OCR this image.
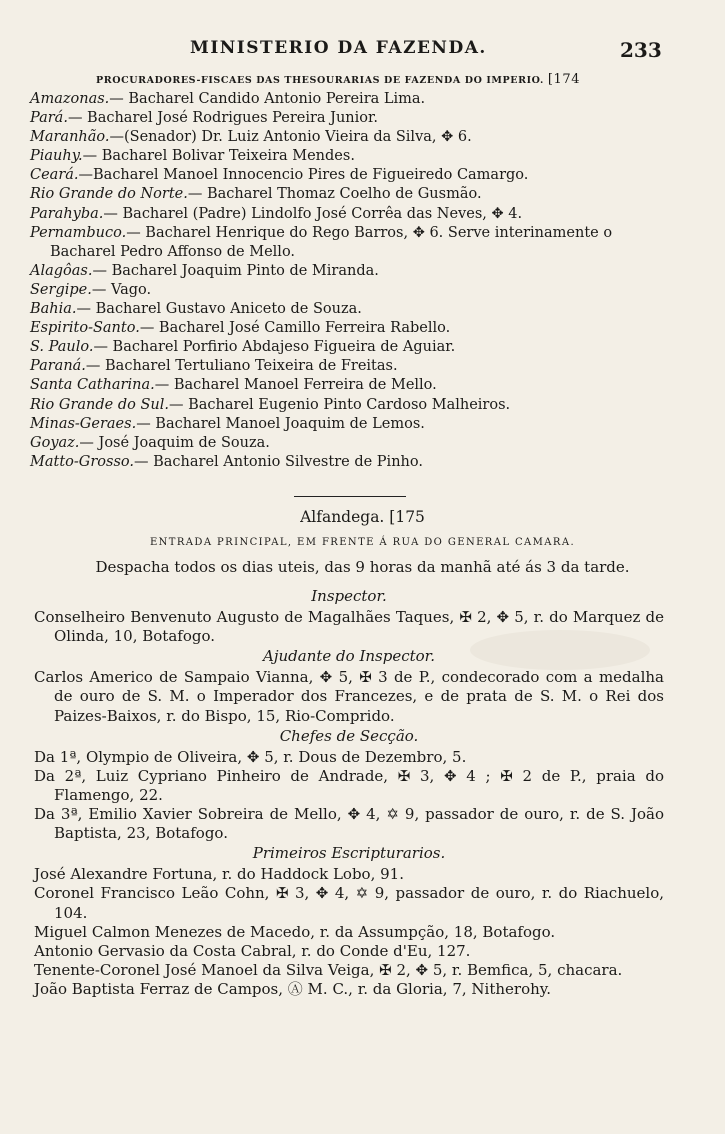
MINISTERIO DA FAZENDA.	233
PROCURADORES-FISCAES DAS THESOURARIAS DE FAZENDA DO IMPERIO. [174
Amazonas.— Bacharel Candido Antonio Pereira Lima.
Pará.— Bacharel José Rodrigues Pereira Junior.
Maranhão.—(Senador) Dr. Luiz Antonio Vieira da Silva, ✥ 6.
Piauhy.— Bacharel Bolivar Teixeira Mendes.
Ceará.—Bacharel Manoel Innocencio Pires de Figueiredo Camargo.
Rio Grande do Norte.— Bacharel Thomaz Coelho de Gusmão.
Parahyba.— Bacharel (Padre) Lindolfo José Corrêa das Neves, ✥ 4.
Pernambuco.— Bacharel Henrique do Rego Barros, ✥ 6. Serve interinamente o Bacharel Pedro Affonso de Mello.
Alagôas.— Bacharel Joaquim Pinto de Miranda.
Sergipe.— Vago.
Bahia.— Bacharel Gustavo Aniceto de Souza.
Espirito-Santo.— Bacharel José Camillo Ferreira Rabello.
S. Paulo.— Bacharel Porfirio Abdajeso Figueira de Aguiar.
Paraná.— Bacharel Tertuliano Teixeira de Freitas.
Santa Catharina.— Bacharel Manoel Ferreira de Mello.
Rio Grande do Sul.— Bacharel Eugenio Pinto Cardoso Malheiros.
Minas-Geraes.— Bacharel Manoel Joaquim de Lemos.
Goyaz.— José Joaquim de Souza.
Matto-Grosso.— Bacharel Antonio Silvestre de Pinho.
Alfandega. [175
ENTRADA PRINCIPAL, EM FRENTE Á RUA DO GENERAL CAMARA.
Despacha todos os dias uteis, das 9 horas da manhã até ás 3 da tarde.
Inspector.
Conselheiro Benvenuto Augusto de Magalhães Taques, ✠ 2, ✥ 5, r. do Marquez de Olinda, 10, Botafogo.
Ajudante do Inspector.
Carlos Americo de Sampaio Vianna, ✥ 5, ✠ 3 de P., condecorado com a medalha de ouro de S. M. o Imperador dos Francezes, e de prata de S. M. o Rei dos Paizes-Baixos, r. do Bispo, 15, Rio-Comprido.
Chefes de Secção.
Da 1ª, Olympio de Oliveira, ✥ 5, r. Dous de Dezembro, 5.
Da 2ª, Luiz Cypriano Pinheiro de Andrade, ✠ 3, ✥ 4 ; ✠ 2 de P., praia do Flamengo, 22.
Da 3ª, Emilio Xavier Sobreira de Mello, ✥ 4, ✡ 9, passador de ouro, r. de S. João Baptista, 23, Botafogo.
Primeiros Escripturarios.
José Alexandre Fortuna, r. do Haddock Lobo, 91.
Coronel Francisco Leão Cohn, ✠ 3, ✥ 4, ✡ 9, passador de ouro, r. do Riachuelo, 104.
Miguel Calmon Menezes de Macedo, r. da Assumpção, 18, Botafogo.
Antonio Gervasio da Costa Cabral, r. do Conde d'Eu, 127.
Tenente-Coronel José Manoel da Silva Veiga, ✠ 2, ✥ 5, r. Bemfica, 5, chacara.
João Baptista Ferraz de Campos, Ⓐ M. C., r. da Gloria, 7, Nitherohy.
